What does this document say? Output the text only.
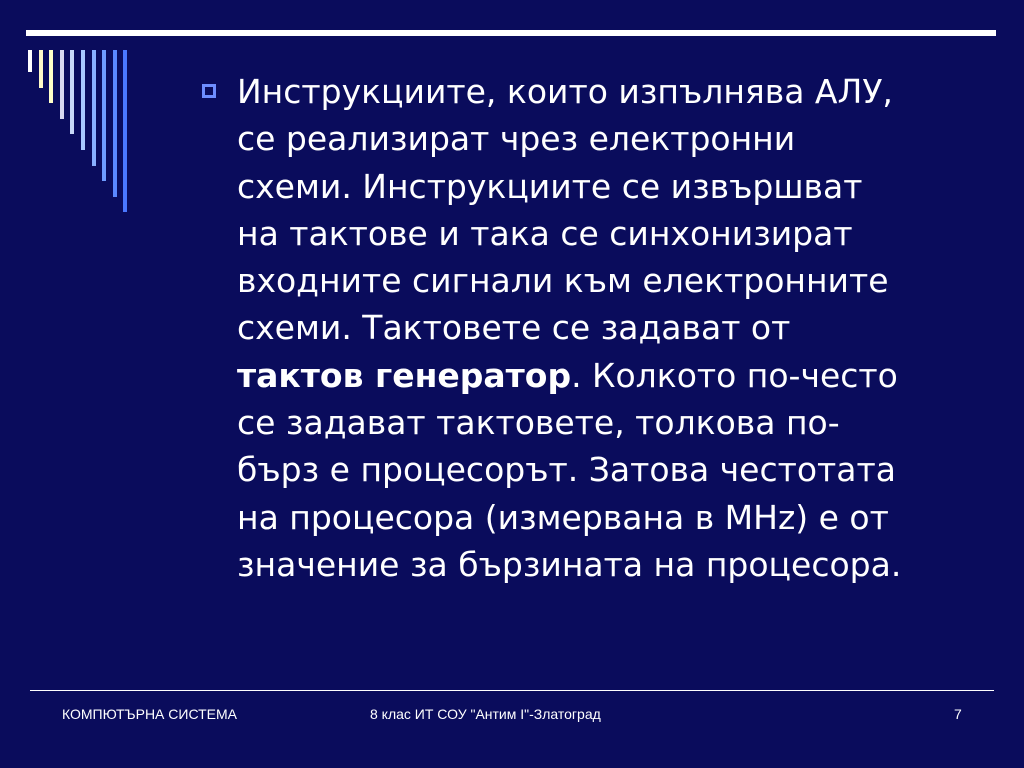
Инструкциите, които изпълнява АЛУ,
се реализират чрез електронни
схеми. Инструкциите се извършват
на тактове и така се синхонизират
входните сигнали към електронните
схеми. Тактовете се задават от
тактов генератор. Колкото по-често
се задават тактовете, толкова по-
бърз е процесорът. Затова честотата
на процесора (измервана в MHz) е от
значение за бързината на процесора.

КОМПЮТЪРНА СИСТЕМА	8 клас ИТ СОУ "Антим I"-Златоград	7
